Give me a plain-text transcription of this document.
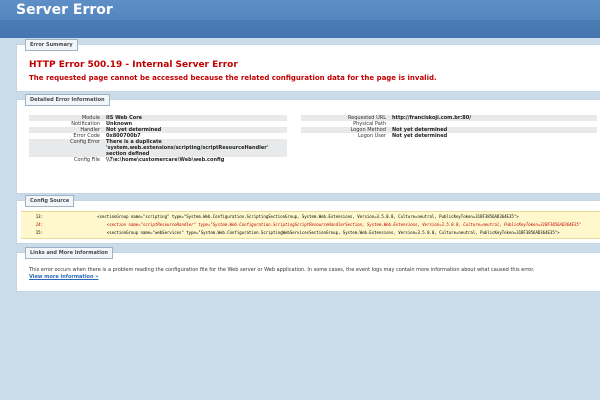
Server Error
Error Summary
HTTP Error 500.19 - Internal Server Error
The requested page cannot be accessed because the related configuration data for the page is invalid.
Detailed Error Information
Module	IIS Web Core
Notification	Unknown
Handler	Not yet determined
Error Code	0x800700b7
Config Error	There is a duplicate 'system.web.extensions/scripting/scriptResourceHandler' section defined
Config File	\\?\e:\home\customercare\Web\web.config
Requested URL	http://franciskoji.com.br:80/
Physical Path	
Logon Method	Not yet determined
Logon User	Not yet determined
Config Source
13:                    <sectionGroup name="scripting" type="System.Web.Configuration.ScriptingSectionGroup, System.Web.Extensions, Version=3.5.0.0, Culture=neutral, PublicKeyToken=31BF3856AD364E35">
14:                        <section name="scriptResourceHandler" type="System.Web.Configuration.ScriptingScriptResourceHandlerSection, System.Web.Extensions, Version=3.5.0.0, Culture=neutral, PublicKeyToken=31BF3856AD364E35"
15:                        <sectionGroup name="webServices" type="System.Web.Configuration.ScriptingWebServicesSectionGroup, System.Web.Extensions, Version=3.5.0.0, Culture=neutral, PublicKeyToken=31BF3856AD364E35">
Links and More Information
This error occurs when there is a problem reading the configuration file for the Web server or Web application. In some cases, the event logs may contain more information about what caused this error.
View more information »
